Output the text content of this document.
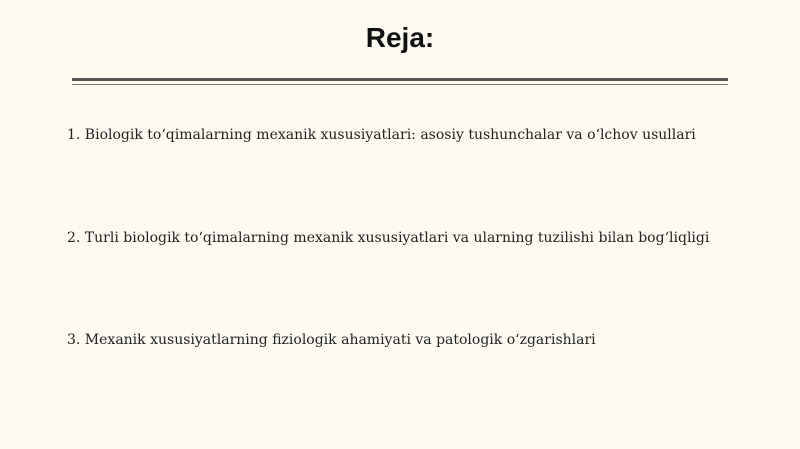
Reja:
1. Biologik to‘qimalarning mexanik xususiyatlari: asosiy tushunchalar va o‘lchov usullari
2. Turli biologik to‘qimalarning mexanik xususiyatlari va ularning tuzilishi bilan bog‘liqligi
3. Mexanik xususiyatlarning fiziologik ahamiyati va patologik o‘zgarishlari
